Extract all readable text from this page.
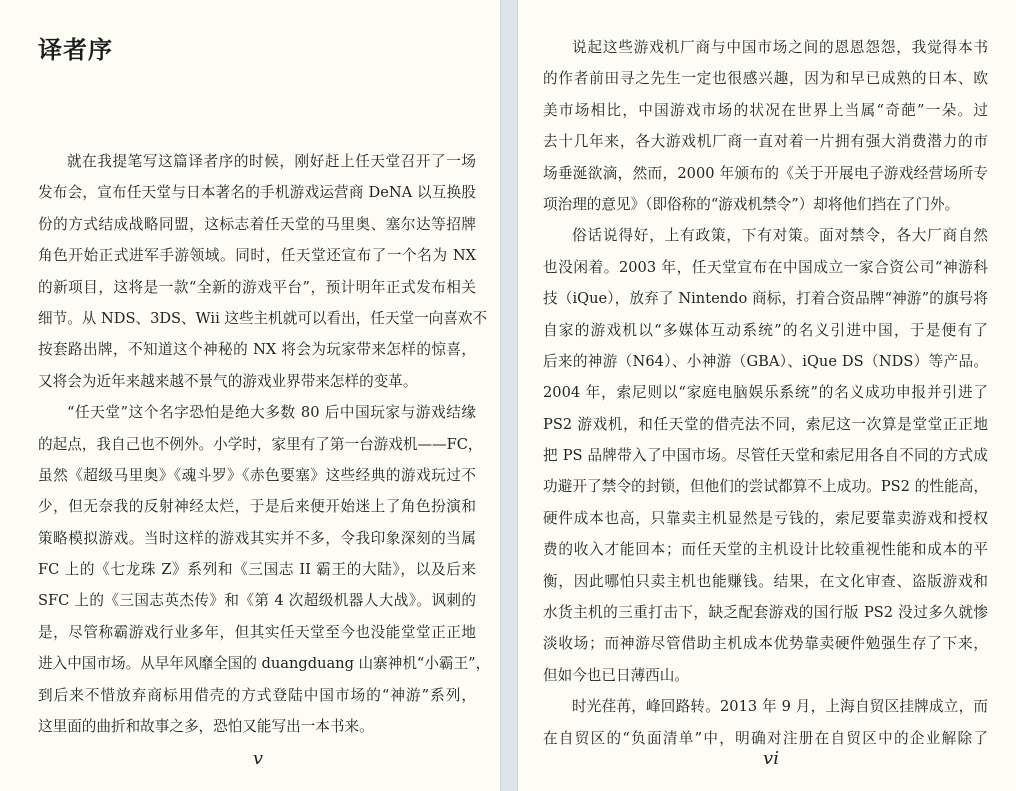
译者序
就在我提笔写这篇译者序的时候，刚好赶上任天堂召开了一场
发布会，宣布任天堂与日本著名的手机游戏运营商 DeNA 以互换股
份的方式结成战略同盟，这标志着任天堂的马里奥、塞尔达等招牌
角色开始正式进军手游领域。同时，任天堂还宣布了一个名为 NX
的新项目，这将是一款“全新的游戏平台”，预计明年正式发布相关
细节。从 NDS、3DS、Wii 这些主机就可以看出，任天堂一向喜欢不
按套路出牌，不知道这个神秘的 NX 将会为玩家带来怎样的惊喜，
又将会为近年来越来越不景气的游戏业界带来怎样的变革。
“任天堂”这个名字恐怕是绝大多数 80 后中国玩家与游戏结缘
的起点，我自己也不例外。小学时，家里有了第一台游戏机——FC，
虽然《超级马里奥》《魂斗罗》《赤色要塞》这些经典的游戏玩过不
少，但无奈我的反射神经太烂，于是后来便开始迷上了角色扮演和
策略模拟游戏。当时这样的游戏其实并不多，令我印象深刻的当属
FC 上的《七龙珠 Z》系列和《三国志 II 霸王的大陆》，以及后来
SFC 上的《三国志英杰传》和《第 4 次超级机器人大战》。讽刺的
是，尽管称霸游戏行业多年，但其实任天堂至今也没能堂堂正正地
进入中国市场。从早年风靡全国的 duangduang 山寨神机“小霸王”，
到后来不惜放弃商标用借壳的方式登陆中国市场的“神游”系列，
这里面的曲折和故事之多，恐怕又能写出一本书来。
v
说起这些游戏机厂商与中国市场之间的恩恩怨怨，我觉得本书
的作者前田寻之先生一定也很感兴趣，因为和早已成熟的日本、欧
美市场相比，中国游戏市场的状况在世界上当属“奇葩”一朵。过
去十几年来，各大游戏机厂商一直对着一片拥有强大消费潜力的市
场垂涎欲滴，然而，2000 年颁布的《关于开展电子游戏经营场所专
项治理的意见》（即俗称的“游戏机禁令”）却将他们挡在了门外。
俗话说得好，上有政策，下有对策。面对禁令，各大厂商自然
也没闲着。2003 年，任天堂宣布在中国成立一家合资公司“神游科
技（iQue），放弃了 Nintendo 商标，打着合资品牌“神游”的旗号将
自家的游戏机以“多媒体互动系统”的名义引进中国，于是便有了
后来的神游（N64）、小神游（GBA）、iQue DS（NDS）等产品。
2004 年，索尼则以“家庭电脑娱乐系统”的名义成功申报并引进了
PS2 游戏机，和任天堂的借壳法不同，索尼这一次算是堂堂正正地
把 PS 品牌带入了中国市场。尽管任天堂和索尼用各自不同的方式成
功避开了禁令的封锁，但他们的尝试都算不上成功。PS2 的性能高，
硬件成本也高，只靠卖主机显然是亏钱的，索尼要靠卖游戏和授权
费的收入才能回本；而任天堂的主机设计比较重视性能和成本的平
衡，因此哪怕只卖主机也能赚钱。结果，在文化审查、盗版游戏和
水货主机的三重打击下，缺乏配套游戏的国行版 PS2 没过多久就惨
淡收场；而神游尽管借助主机成本优势靠卖硬件勉强生存了下来，
但如今也已日薄西山。
时光荏苒，峰回路转。2013 年 9 月，上海自贸区挂牌成立，而
在自贸区的“负面清单”中，明确对注册在自贸区中的企业解除了
vi
